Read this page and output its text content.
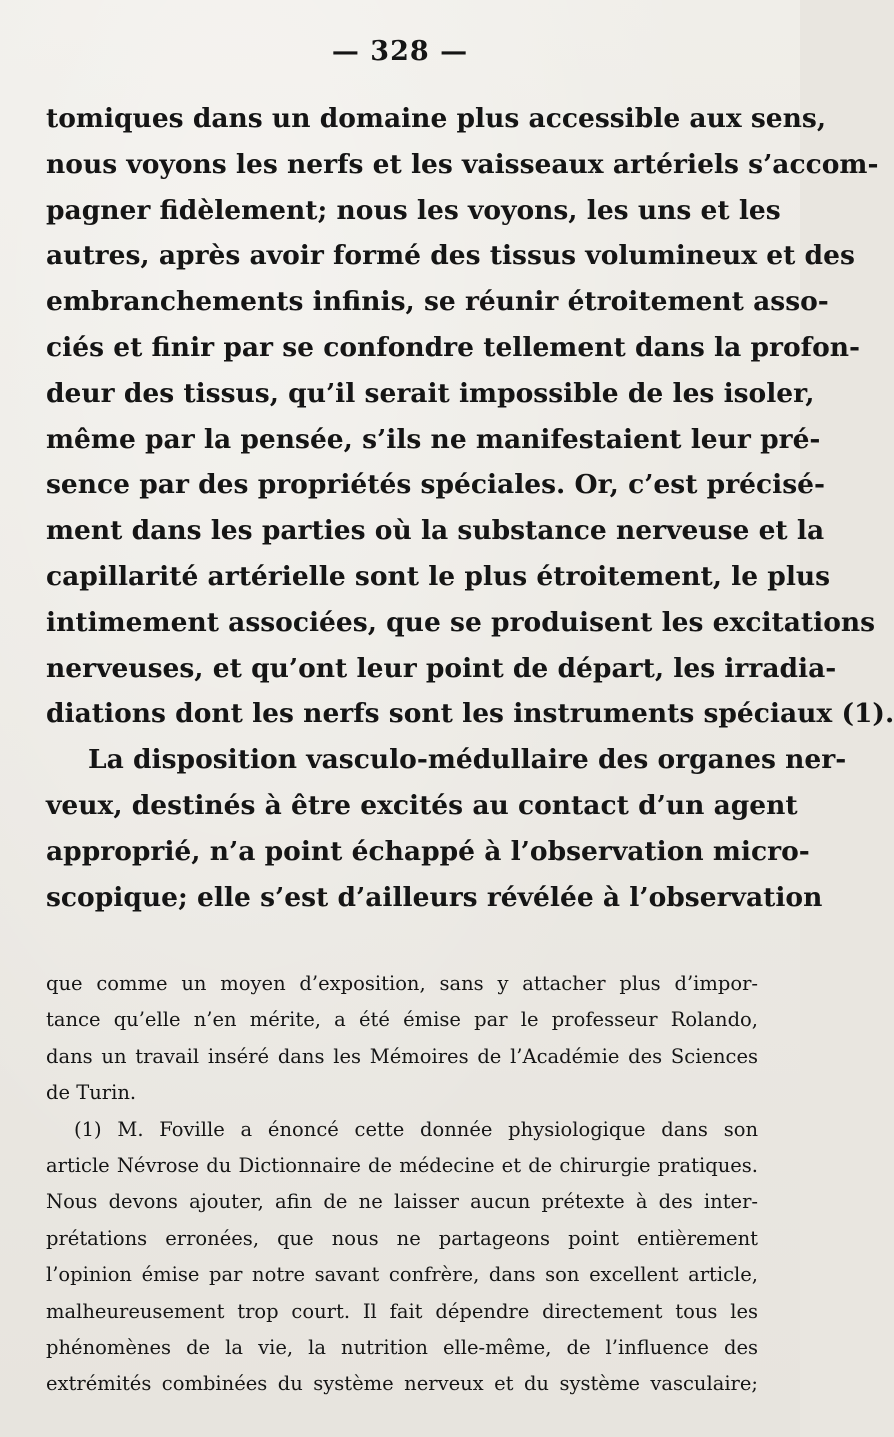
— 328 —
tomiques dans un domaine plus accessible aux sens,
nous voyons les nerfs et les vaisseaux artériels s’accom-
pagner fidèlement; nous les voyons, les uns et les
autres, après avoir formé des tissus volumineux et des
embranchements infinis, se réunir étroitement asso-
ciés et finir par se confondre tellement dans la profon-
deur des tissus, qu’il serait impossible de les isoler,
même par la pensée, s’ils ne manifestaient leur pré-
sence par des propriétés spéciales. Or, c’est précisé-
ment dans les parties où la substance nerveuse et la
capillarité artérielle sont le plus étroitement, le plus
intimement associées, que se produisent les excitations
nerveuses, et qu’ont leur point de départ, les irradia-
diations dont les nerfs sont les instruments spéciaux (1).
La disposition vasculo-médullaire des organes ner-
veux, destinés à être excités au contact d’un agent
approprié, n’a point échappé à l’observation micro-
scopique; elle s’est d’ailleurs révélée à l’observation
que comme un moyen d’exposition, sans y attacher plus d’impor-
tance qu’elle n’en mérite, a été émise par le professeur Rolando,
dans un travail inséré dans les Mémoires de l’Académie des Sciences
de Turin.
(1) M. Foville a énoncé cette donnée physiologique dans son
article Névrose du Dictionnaire de médecine et de chirurgie pratiques.
Nous devons ajouter, afin de ne laisser aucun prétexte à des inter-
prétations erronées, que nous ne partageons point entièrement
l’opinion émise par notre savant confrère, dans son excellent article,
malheureusement trop court. Il fait dépendre directement tous les
phénomènes de la vie, la nutrition elle-même, de l’influence des
extrémités combinées du système nerveux et du système vasculaire;
